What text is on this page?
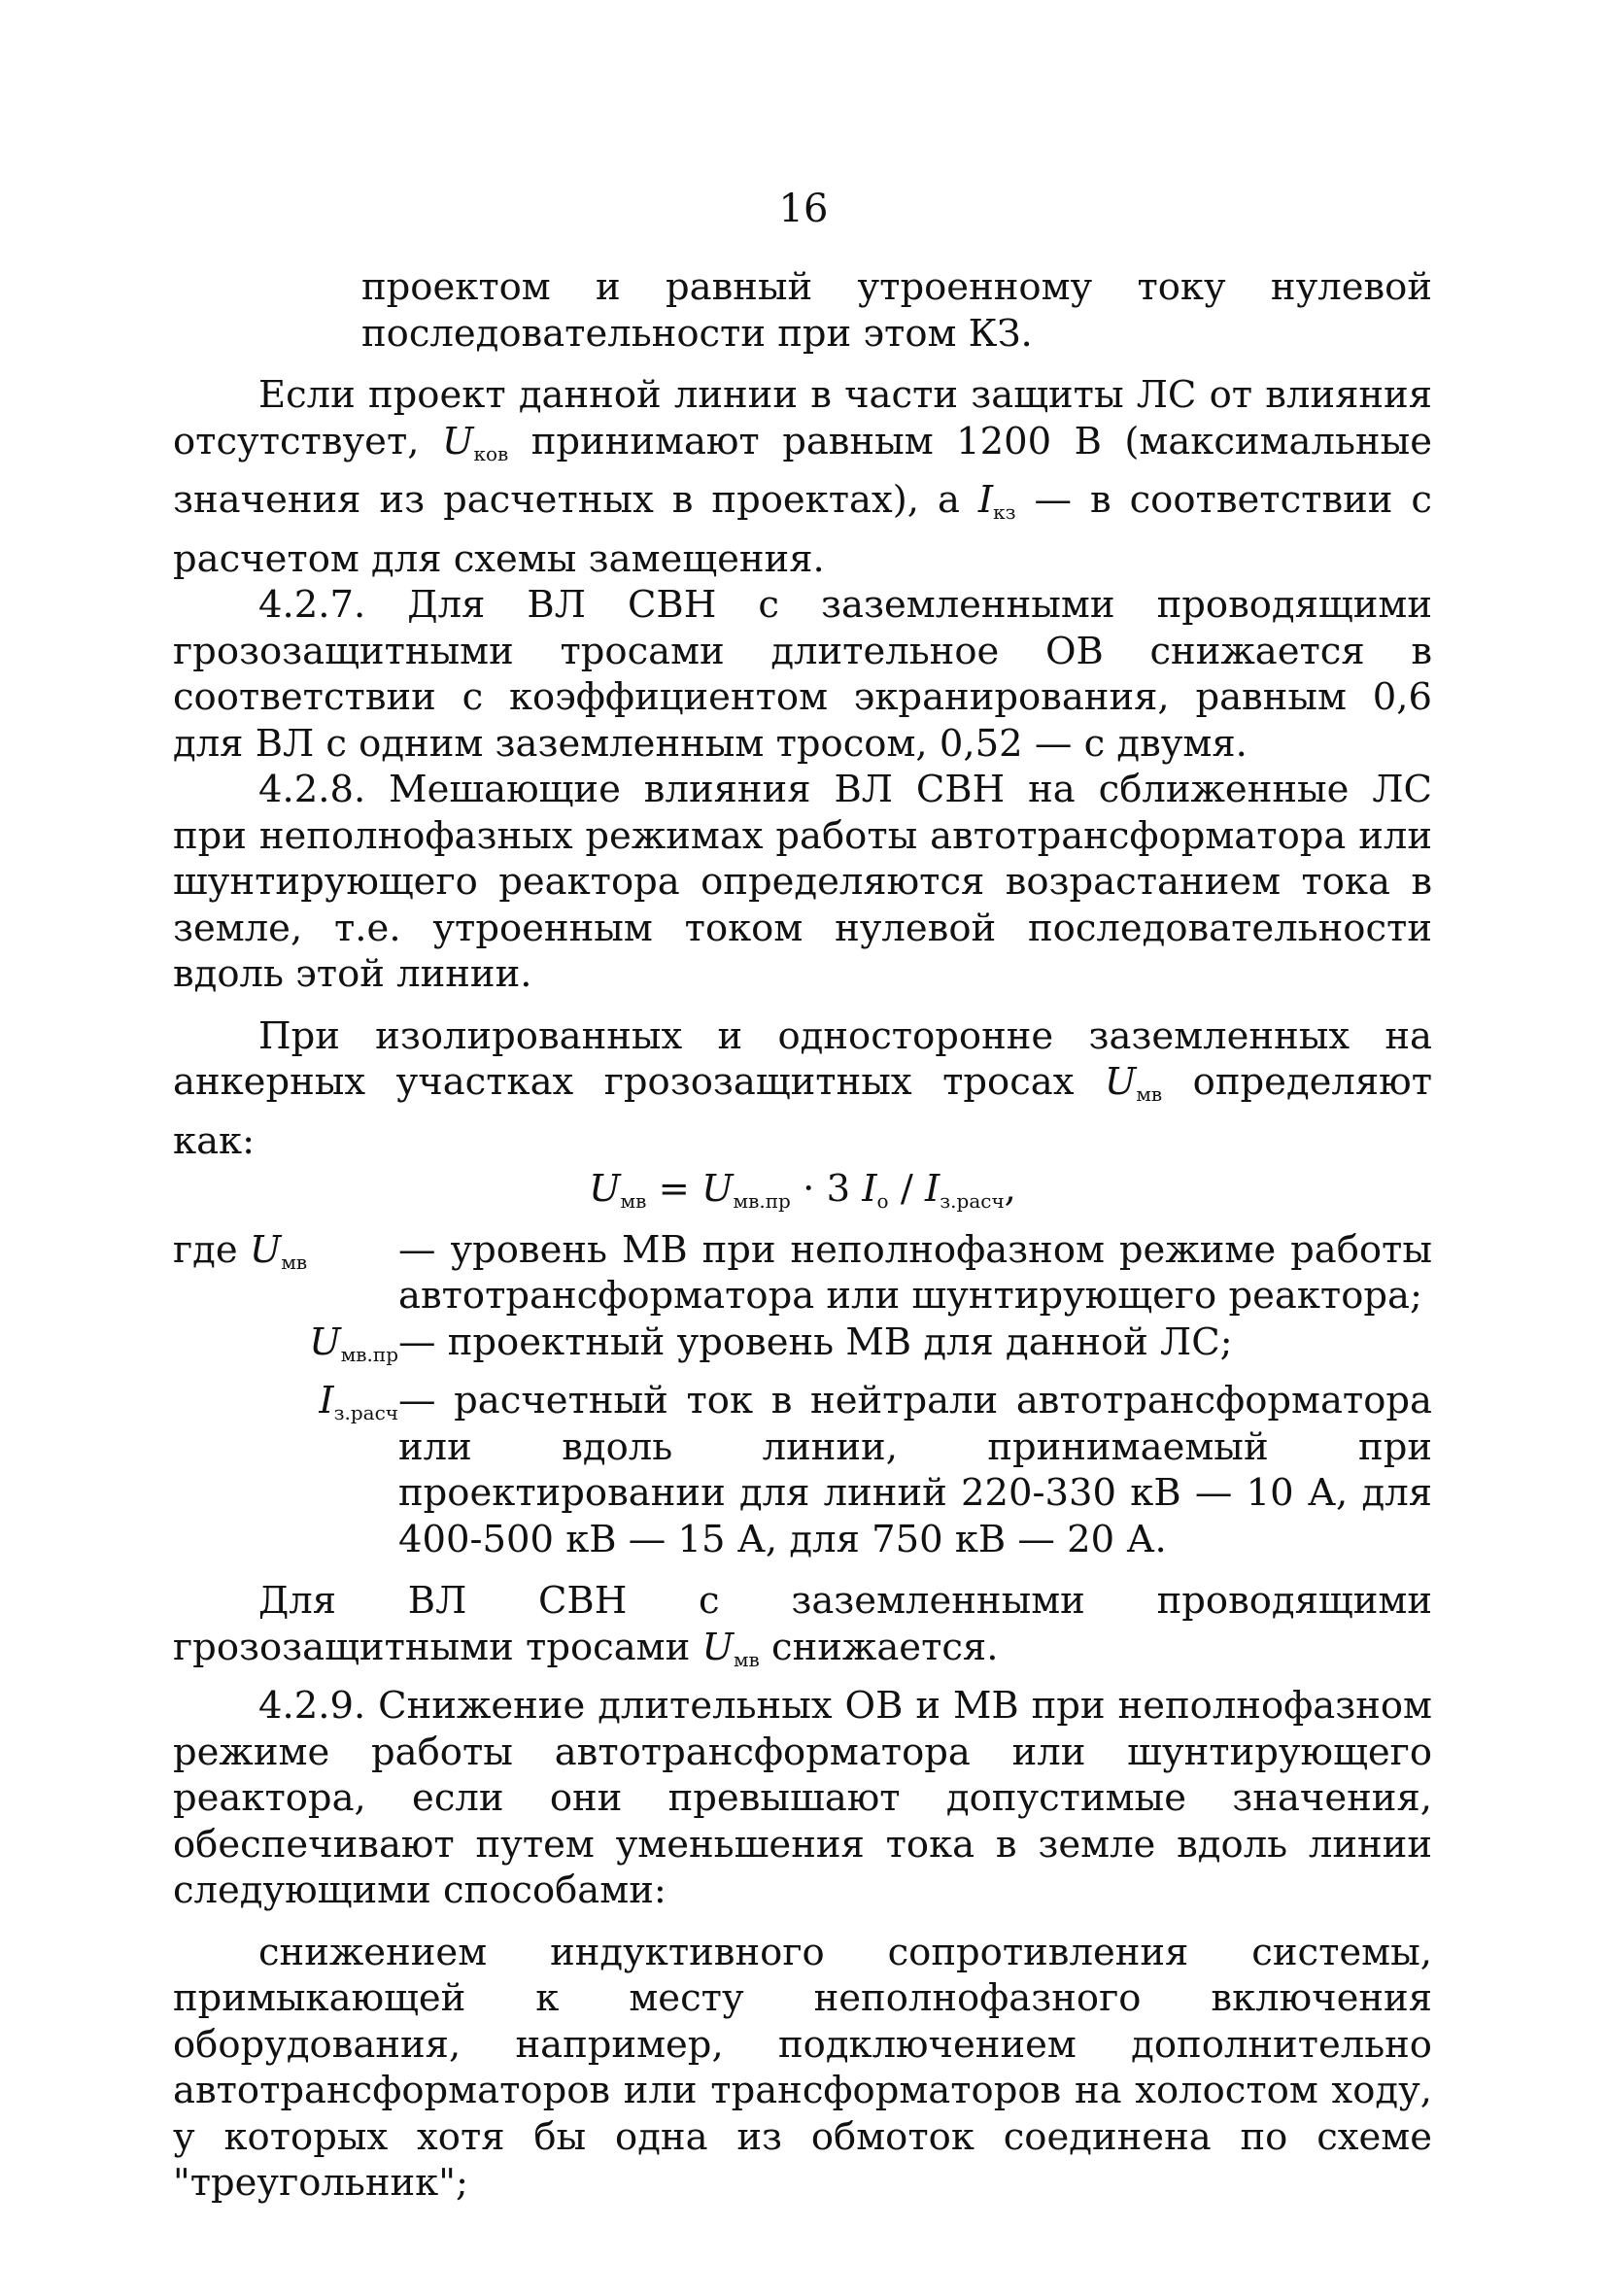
16

проектом и равный утроенному току нулевой последовательности при этом КЗ.

Если проект данной линии в части защиты ЛС от влияния отсутствует, $U_{ков}$ принимают равным 1200 В (максимальные значения из расчетных в проектах), а $I_{кз}$ — в соответствии с расчетом для схемы замещения.

4.2.7. Для ВЛ СВН с заземленными проводящими грозозащитными тросами длительное ОВ снижается в соответствии с коэффициентом экранирования, равным 0,6 для ВЛ с одним заземленным тросом, 0,52 — с двумя.

4.2.8. Мешающие влияния ВЛ СВН на сближенные ЛС при неполнофазных режимах работы автотрансформатора или шунтирующего реактора определяются возрастанием тока в земле, т.е. утроенным током нулевой последовательности вдоль этой линии.

При изолированных и односторонне заземленных на анкерных участках грозозащитных тросах $U_{мв}$ определяют как:

$U_{мв} = U_{мв.пр} \cdot 3$ $I_о / I_{з.расч}$,
где $U_{мв}$	— уровень МВ при неполнофазном режиме работы автотрансформатора или шунтирующего реактора;
$U_{мв.пр}$ — проектный уровень МВ для данной ЛС;
$I_{з.расч}$ — расчетный ток в нейтрали автотрансформатора или вдоль линии, принимаемый при проектировании для линий 220-330 кВ — 10 А, для 400-500 кВ — 15 А, для 750 кВ — 20 А.

Для ВЛ СВН с заземленными проводящими грозозащитными тросами $U_{мв}$ снижается.

4.2.9. Снижение длительных ОВ и МВ при неполнофазном режиме работы автотрансформатора или шунтирующего реактора, если они превышают допустимые значения, обеспечивают путем уменьшения тока в земле вдоль линии следующими способами:

снижением индуктивного сопротивления системы, примыкающей к месту неполнофазного включения оборудования, например, подключением дополнительно автотрансформаторов или трансформаторов на холостом ходу, у которых хотя бы одна из обмоток соединена по схеме "треугольник";
